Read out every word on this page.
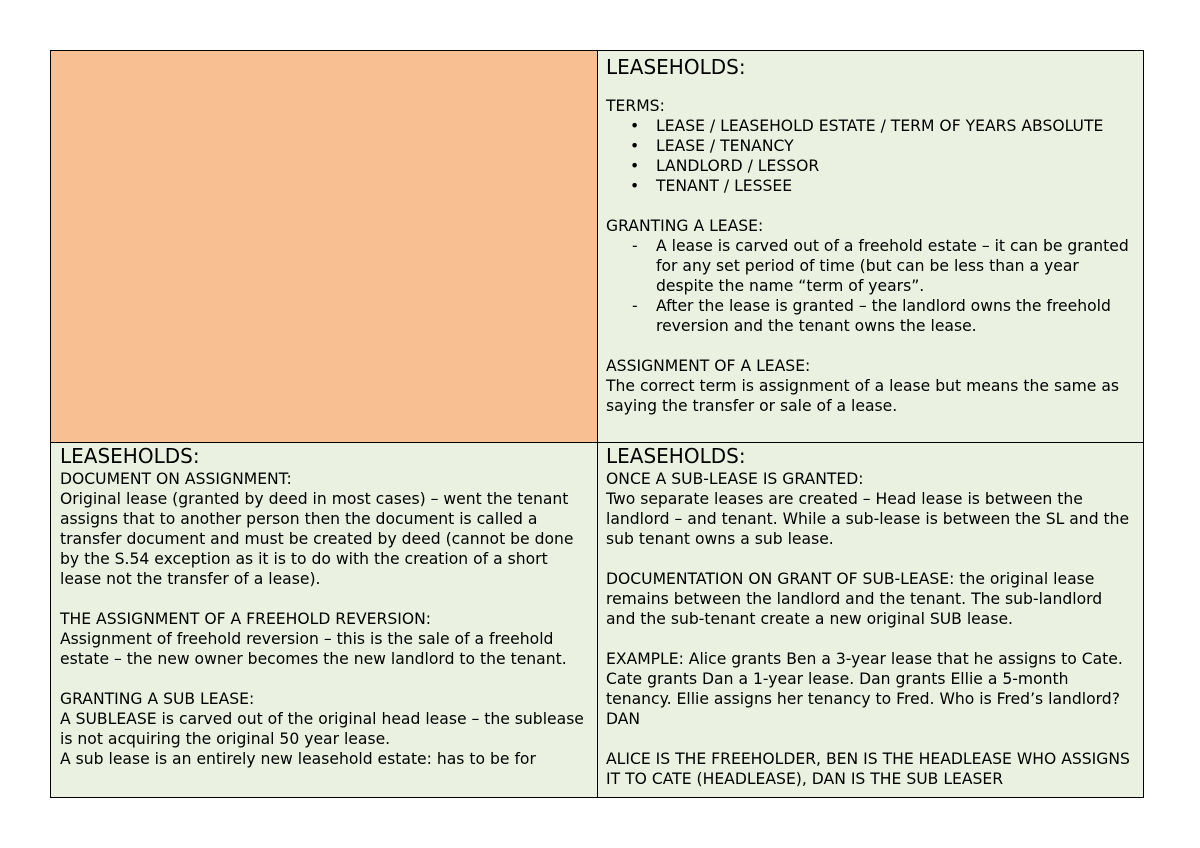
LEASEHOLDS:

TERMS:

• LEASE / LEASEHOLD ESTATE / TERM OF YEARS ABSOLUTE
• LEASE / TENANCY
• LANDLORD / LESSOR
• TENANT / LESSEE

GRANTING A LEASE:

- A lease is carved out of a freehold estate – it can be granted for any set period of time (but can be less than a year despite the name “term of years”.
- After the lease is granted – the landlord owns the freehold reversion and the tenant owns the lease.

ASSIGNMENT OF A LEASE:

The correct term is assignment of a lease but means the same as saying the transfer or sale of a lease.

LEASEHOLDS:

DOCUMENT ON ASSIGNMENT:

Original lease (granted by deed in most cases) – went the tenant assigns that to another person then the document is called a transfer document and must be created by deed (cannot be done by the S.54 exception as it is to do with the creation of a short lease not the transfer of a lease).

THE ASSIGNMENT OF A FREEHOLD REVERSION:

Assignment of freehold reversion – this is the sale of a freehold estate – the new owner becomes the new landlord to the tenant.

GRANTING A SUB LEASE:

A SUBLEASE is carved out of the original head lease – the sublease is not acquiring the original 50 year lease.

A sub lease is an entirely new leasehold estate: has to be for

LEASEHOLDS:

ONCE A SUB-LEASE IS GRANTED:

Two separate leases are created – Head lease is between the landlord – and tenant. While a sub-lease is between the SL and the sub tenant owns a sub lease.

DOCUMENTATION ON GRANT OF SUB-LEASE: the original lease remains between the landlord and the tenant. The sub-landlord and the sub-tenant create a new original SUB lease.

EXAMPLE: Alice grants Ben a 3-year lease that he assigns to Cate. Cate grants Dan a 1-year lease. Dan grants Ellie a 5-month tenancy. Ellie assigns her tenancy to Fred. Who is Fred’s landlord? DAN

ALICE IS THE FREEHOLDER, BEN IS THE HEADLEASE WHO ASSIGNS IT TO CATE (HEADLEASE), DAN IS THE SUB LEASER
